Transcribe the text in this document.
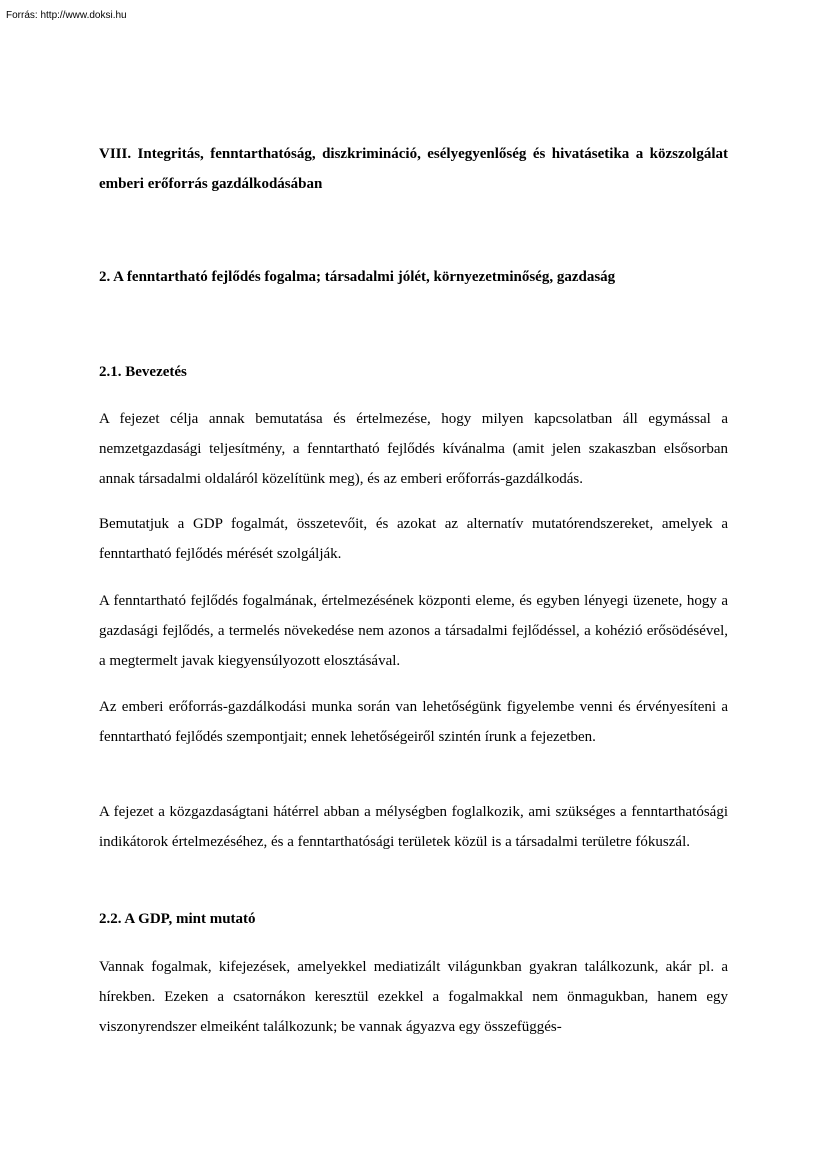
Forrás: http://www.doksi.hu
VIII. Integritás, fenntarthatóság, diszkrimináció, esélyegyenlőség és hivatásetika a közszolgálat emberi erőforrás gazdálkodásában
2. A fenntartható fejlődés fogalma; társadalmi jólét, környezetminőség, gazdaság
2.1. Bevezetés

A fejezet célja annak bemutatása és értelmezése, hogy milyen kapcsolatban áll egymással a nemzetgazdasági teljesítmény, a fenntartható fejlődés kívánalma (amit jelen szakaszban elsősorban annak társadalmi oldaláról közelítünk meg), és az emberi erőforrás-gazdálkodás.

Bemutatjuk a GDP fogalmát, összetevőit, és azokat az alternatív mutatórendszereket, amelyek a fenntartható fejlődés mérését szolgálják.

A fenntartható fejlődés fogalmának, értelmezésének központi eleme, és egyben lényegi üzenete, hogy a gazdasági fejlődés, a termelés növekedése nem azonos a társadalmi fejlődéssel, a kohézió erősödésével, a megtermelt javak kiegyensúlyozott elosztásával.

Az emberi erőforrás-gazdálkodási munka során van lehetőségünk figyelembe venni és érvényesíteni a fenntartható fejlődés szempontjait; ennek lehetőségeiről szintén írunk a fejezetben.

A fejezet a közgazdaságtani hátérrel abban a mélységben foglalkozik, ami szükséges a fenntarthatósági indikátorok értelmezéséhez, és a fenntarthatósági területek közül is a társadalmi területre fókuszál.

2.2. A GDP, mint mutató

Vannak fogalmak, kifejezések, amelyekkel mediatizált világunkban gyakran találkozunk, akár pl. a hírekben. Ezeken a csatornákon keresztül ezekkel a fogalmakkal nem önmagukban, hanem egy viszonyrendszer elmeiként találkozunk; be vannak ágyazva egy összefüggés-
